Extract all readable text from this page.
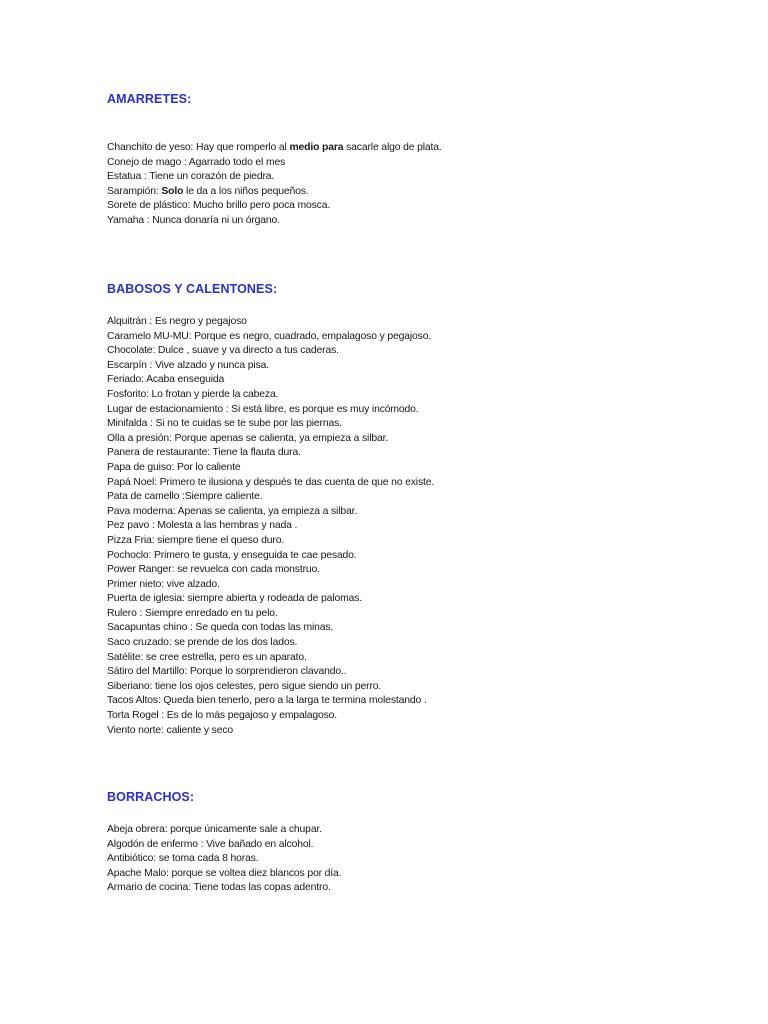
AMARRETES:
Chanchito de yeso: Hay que romperlo al medio para sacarle algo de plata.
Conejo de mago : Agarrado todo el mes
Estatua : Tiene un corazón de piedra.
Sarampión: Solo le da a los niños pequeños.
Sorete de plástico: Mucho brillo pero poca mosca.
Yamaha : Nunca donaría ni un órgano.
BABOSOS Y CALENTONES:
Alquitrán : Es negro y pegajoso
Caramelo MU-MU: Porque es negro, cuadrado, empalagoso y pegajoso.
Chocolate: Dulce , suave y va directo a tus caderas.
Escarpín : Vive alzado y nunca pisa.
Feriado: Acaba enseguida
Fosforito: Lo frotan y pierde la cabeza.
Lugar de estacionamiento : Si está libre, es porque es muy incómodo.
Minifalda : Si no te cuidas se te sube por las piernas.
Olla a presión: Porque apenas se calienta, ya empieza a silbar.
Panera de restaurante: Tiene la flauta dura.
Papa de guiso: Por lo caliente
Papá Noel: Primero te ilusiona y después te das cuenta de que no existe.
Pata de camello :Siempre caliente.
Pava moderna: Apenas se calienta, ya empieza a silbar.
Pez pavo : Molesta a las hembras y nada .
Pizza Fria: siempre tiene el queso duro.
Pochoclo: Primero te gusta, y enseguida te cae pesado.
Power Ranger: se revuelca con cada monstruo.
Primer nieto: vive alzado.
Puerta de iglesia: siempre abierta y rodeada de palomas.
Rulero : Siempre enredado en tu pelo.
Sacapuntas chino : Se queda con todas las minas.
Saco cruzado: se prende de los dos lados.
Satélite: se cree estrella, pero es un aparato.
Sátiro del Martillo: Porque lo sorprendieron clavando..
Siberiano: tiene los ojos celestes, pero sigue siendo un perro.
Tacos Altos: Queda bien tenerlo, pero a la larga te termina molestando .
Torta Rogel : Es de lo más pegajoso y empalagoso.
Viento norte: caliente y seco
BORRACHOS:
Abeja obrera: porque únicamente sale a chupar.
Algodón de enfermo : Vive bañado en alcohol.
Antibiótico: se toma cada 8 horas.
Apache Malo: porque se voltea diez blancos por día.
Armario de cocina: Tiene todas las copas adentro.
